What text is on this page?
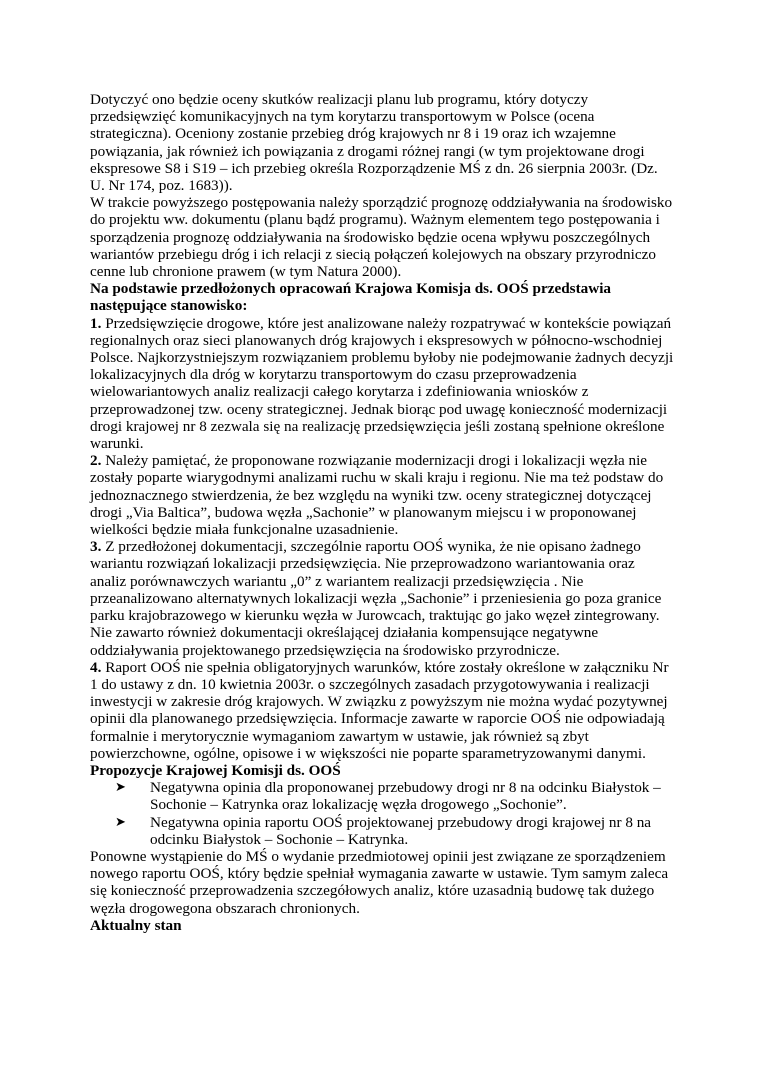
Dotyczyć ono będzie oceny skutków realizacji planu lub programu, który dotyczy przedsięwzięć komunikacyjnych na tym korytarzu transportowym w Polsce (ocena strategiczna). Oceniony zostanie przebieg dróg krajowych nr 8 i 19 oraz ich wzajemne powiązania, jak również ich powiązania z drogami różnej rangi (w tym projektowane drogi ekspresowe S8 i S19 – ich przebieg określa Rozporządzenie MŚ z dn. 26 sierpnia 2003r. (Dz. U. Nr 174, poz. 1683)).

W trakcie powyższego postępowania należy sporządzić prognozę oddziaływania na środowisko do projektu ww. dokumentu (planu bądź programu). Ważnym elementem tego postępowania i sporządzenia prognozę oddziaływania na środowisko będzie ocena wpływu poszczególnych wariantów przebiegu dróg i ich relacji z siecią połączeń kolejowych na obszary przyrodniczo cenne lub chronione prawem (w tym Natura 2000).

Na podstawie przedłożonych opracowań Krajowa Komisja ds. OOŚ przedstawia następujące stanowisko:

1. Przedsięwzięcie drogowe, które jest analizowane należy rozpatrywać w kontekście powiązań regionalnych oraz sieci planowanych dróg krajowych i ekspresowych w północno-wschodniej Polsce. Najkorzystniejszym rozwiązaniem problemu byłoby nie podejmowanie żadnych decyzji lokalizacyjnych dla dróg w korytarzu transportowym do czasu przeprowadzenia wielowariantowych analiz realizacji całego korytarza i zdefiniowania wniosków z przeprowadzonej tzw. oceny strategicznej. Jednak biorąc pod uwagę konieczność modernizacji drogi krajowej nr 8 zezwala się na realizację przedsięwzięcia jeśli zostaną spełnione określone warunki.

2. Należy pamiętać, że proponowane rozwiązanie modernizacji drogi i lokalizacji węzła nie zostały poparte wiarygodnymi analizami ruchu w skali kraju i regionu. Nie ma też podstaw do jednoznacznego stwierdzenia, że bez względu na wyniki tzw. oceny strategicznej dotyczącej drogi „Via Baltica”, budowa węzła „Sachonie” w planowanym miejscu i w proponowanej wielkości będzie miała funkcjonalne uzasadnienie.

3. Z przedłożonej dokumentacji, szczególnie raportu OOŚ wynika, że nie opisano żadnego wariantu rozwiązań lokalizacji przedsięwzięcia. Nie przeprowadzono wariantowania oraz analiz porównawczych wariantu „0” z wariantem realizacji przedsięwzięcia . Nie przeanalizowano alternatywnych lokalizacji węzła „Sachonie” i przeniesienia go poza granice parku krajobrazowego w kierunku węzła w Jurowcach, traktując go jako węzeł zintegrowany. Nie zawarto również dokumentacji określającej działania kompensujące negatywne oddziaływania projektowanego przedsięwzięcia na środowisko przyrodnicze.

4. Raport OOŚ nie spełnia obligatoryjnych warunków, które zostały określone w załączniku Nr 1 do ustawy z dn. 10 kwietnia 2003r. o szczególnych zasadach przygotowywania i realizacji inwestycji w zakresie dróg krajowych. W związku z powyższym nie można wydać pozytywnej opinii dla planowanego przedsięwzięcia. Informacje zawarte w raporcie OOŚ nie odpowiadają formalnie i merytorycznie wymaganiom zawartym w ustawie, jak również są zbyt powierzchowne, ogólne, opisowe i w większości nie poparte sparametryzowanymi danymi.

Propozycje Krajowej Komisji ds. OOŚ

➤ Negatywna opinia dla proponowanej przebudowy drogi nr 8 na odcinku Białystok – Sochonie – Katrynka oraz lokalizację węzła drogowego „Sochonie”.
➤ Negatywna opinia raportu OOŚ projektowanej przebudowy drogi krajowej nr 8 na odcinku Białystok – Sochonie – Katrynka.

Ponowne wystąpienie do MŚ o wydanie przedmiotowej opinii jest związane ze sporządzeniem nowego raportu OOŚ, który będzie spełniał wymagania zawarte w ustawie. Tym samym zaleca się konieczność przeprowadzenia szczegółowych analiz, które uzasadnią budowę tak dużego węzła drogowegona obszarach chronionych.

Aktualny stan
